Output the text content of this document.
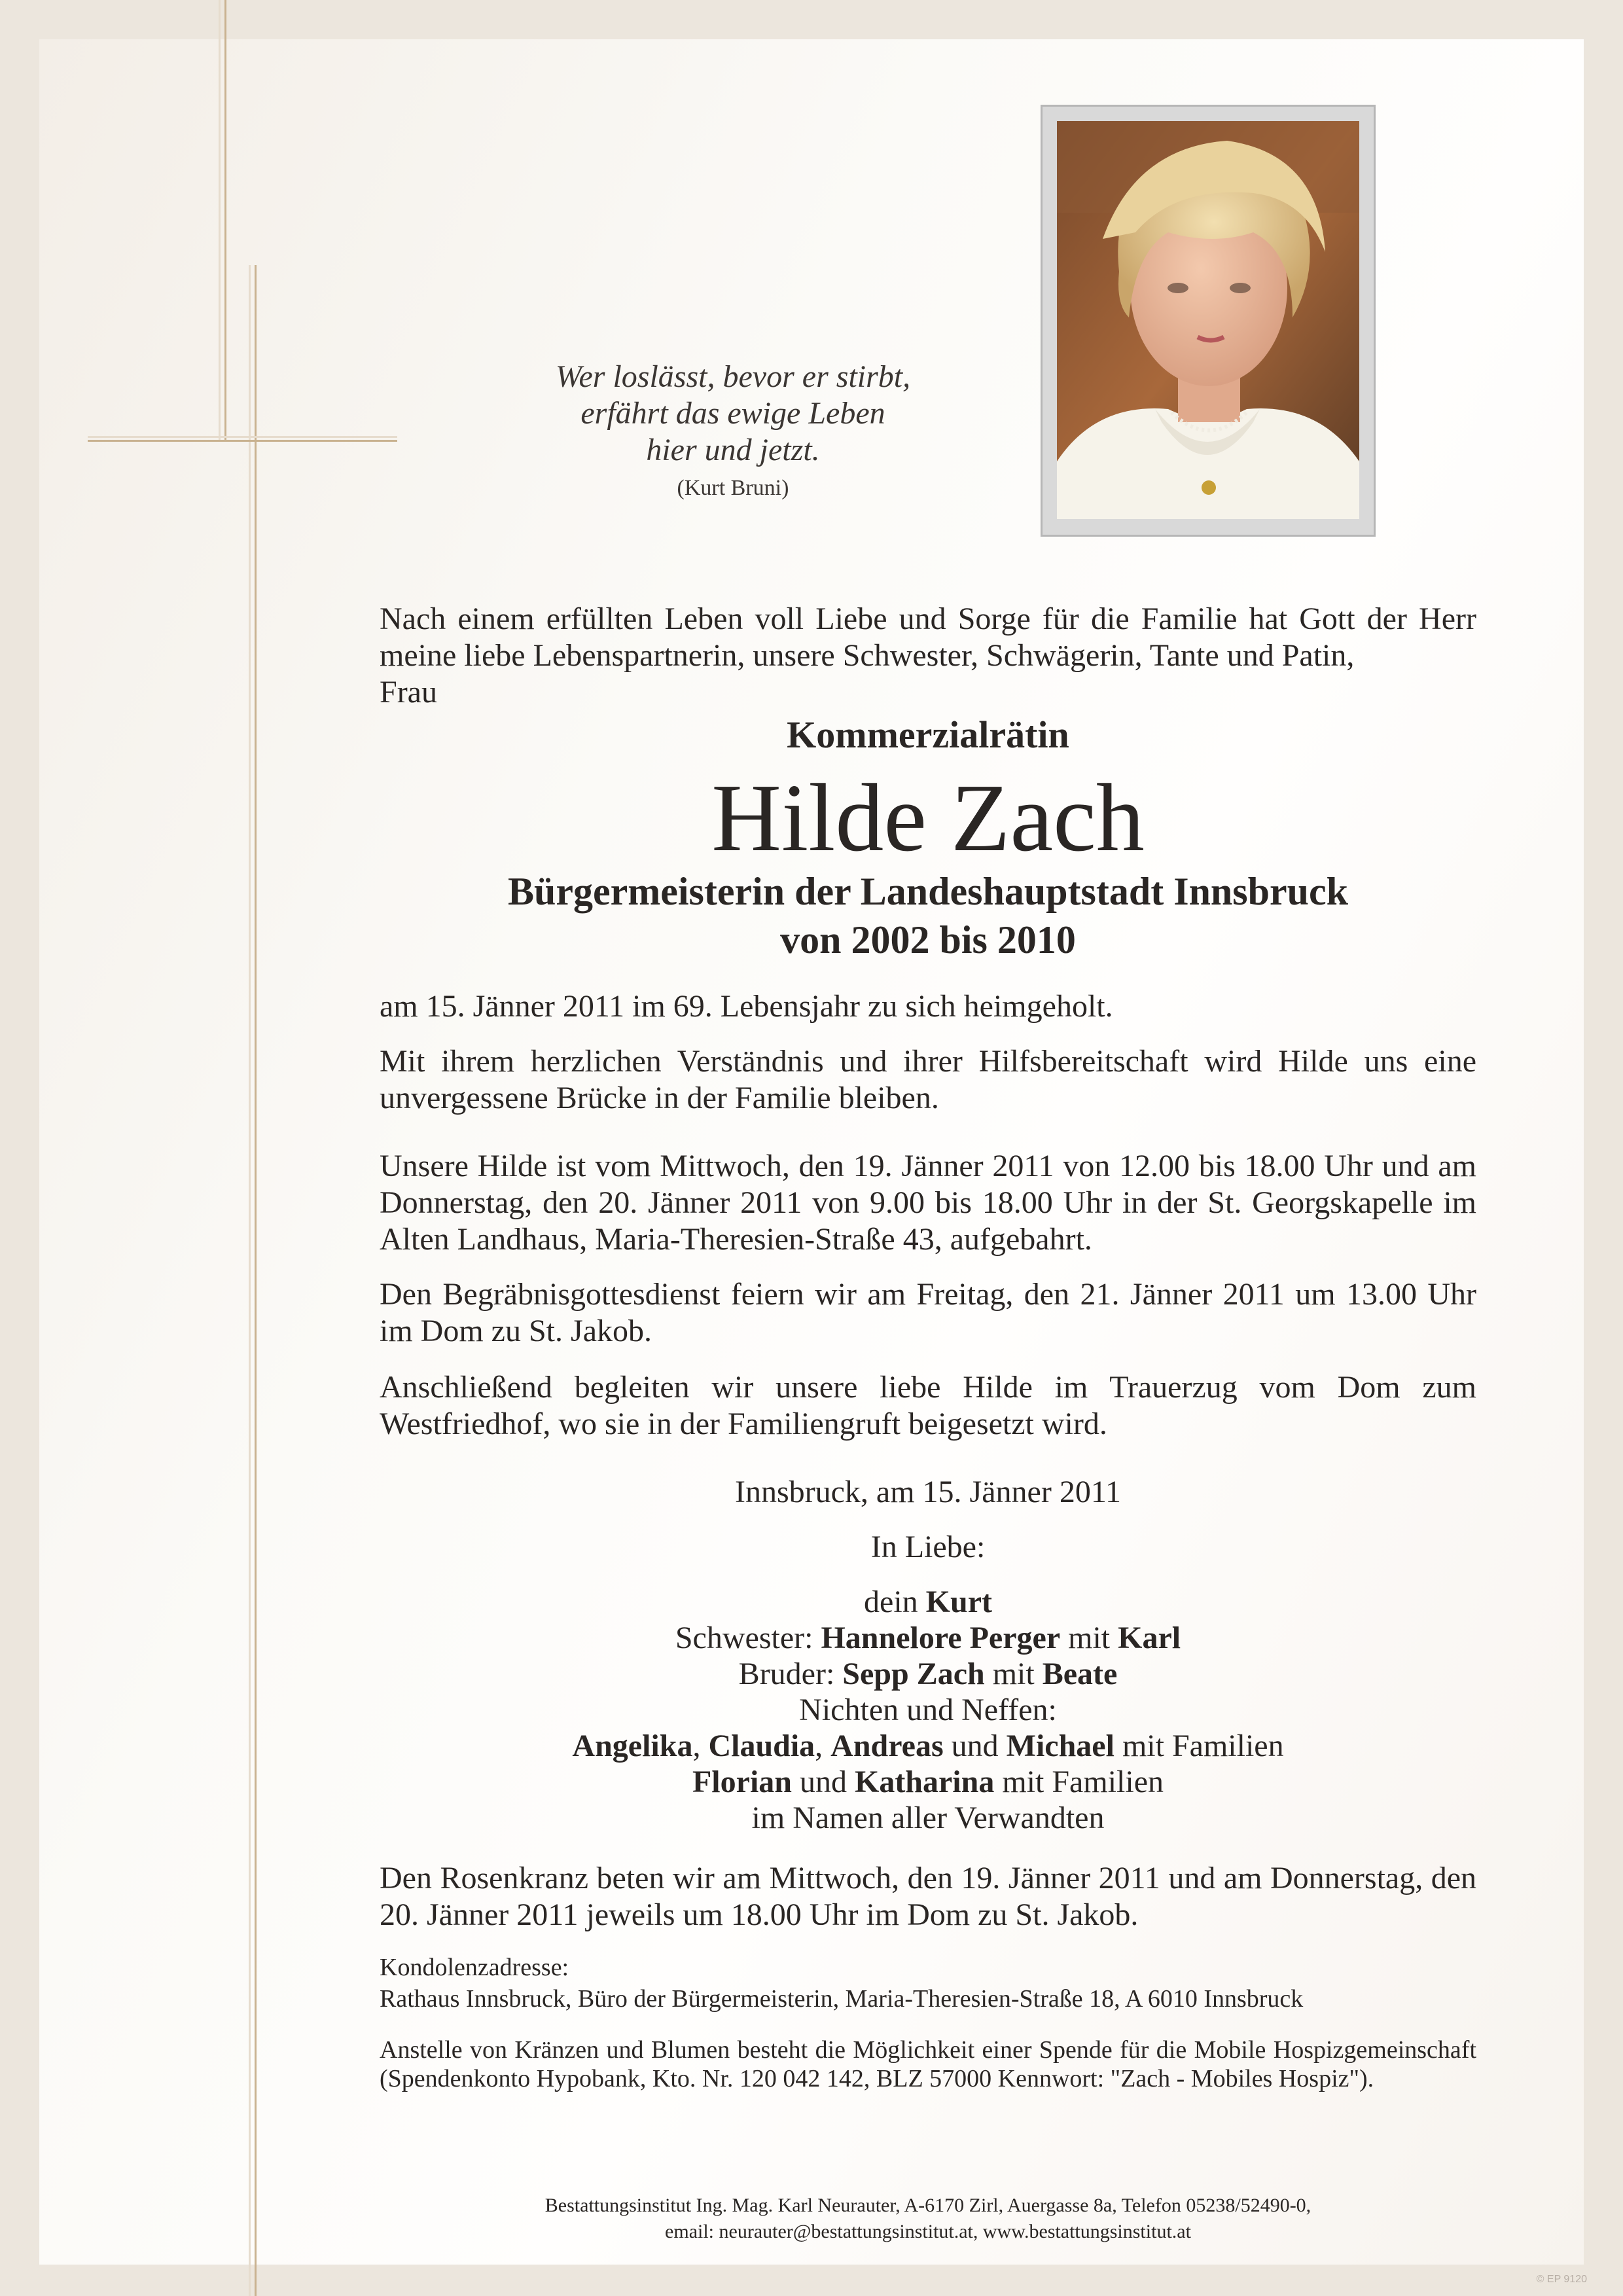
Wer loslässt, bevor er stirbt,
erfährt das ewige Leben
hier und jetzt.
(Kurt Bruni)
Nach einem erfüllten Leben voll Liebe und Sorge für die Familie hat Gott der Herr
meine liebe Lebenspartnerin, unsere Schwester, Schwägerin, Tante und Patin,
Frau
Kommerzialrätin
Hilde Zach
Bürgermeisterin der Landeshauptstadt Innsbruck
von 2002 bis 2010
am 15. Jänner 2011 im 69. Lebensjahr zu sich heimgeholt.
Mit ihrem herzlichen Verständnis und ihrer Hilfsbereitschaft wird Hilde uns eine unvergessene Brücke in der Familie bleiben.
Unsere Hilde ist vom Mittwoch, den 19. Jänner 2011 von 12.00 bis 18.00 Uhr und am Donnerstag, den 20. Jänner 2011 von 9.00 bis 18.00 Uhr in der St. Georgskapelle im Alten Landhaus, Maria-Theresien-Straße 43, aufgebahrt.
Den Begräbnisgottesdienst feiern wir am Freitag, den 21. Jänner 2011 um 13.00 Uhr im Dom zu St. Jakob.
Anschließend begleiten wir unsere liebe Hilde im Trauerzug vom Dom zum Westfriedhof, wo sie in der Familiengruft beigesetzt wird.
Innsbruck, am 15. Jänner 2011
In Liebe:
dein Kurt
Schwester: Hannelore Perger mit Karl
Bruder: Sepp Zach mit Beate
Nichten und Neffen:
Angelika, Claudia, Andreas und Michael mit Familien
Florian und Katharina mit Familien
im Namen aller Verwandten
Den Rosenkranz beten wir am Mittwoch, den 19. Jänner 2011 und am Donnerstag, den 20. Jänner 2011 jeweils um 18.00 Uhr im Dom zu St. Jakob.
Kondolenzadresse:
Rathaus Innsbruck, Büro der Bürgermeisterin, Maria-Theresien-Straße 18, A 6010 Innsbruck
Anstelle von Kränzen und Blumen besteht die Möglichkeit einer Spende für die Mobile Hospizgemeinschaft (Spendenkonto Hypobank, Kto. Nr. 120 042 142, BLZ 57000 Kennwort: "Zach - Mobiles Hospiz").
Bestattungsinstitut Ing. Mag. Karl Neurauter, A-6170 Zirl, Auergasse 8a, Telefon 05238/52490-0,
email: neurauter@bestattungsinstitut.at, www.bestattungsinstitut.at
© EP 9120
